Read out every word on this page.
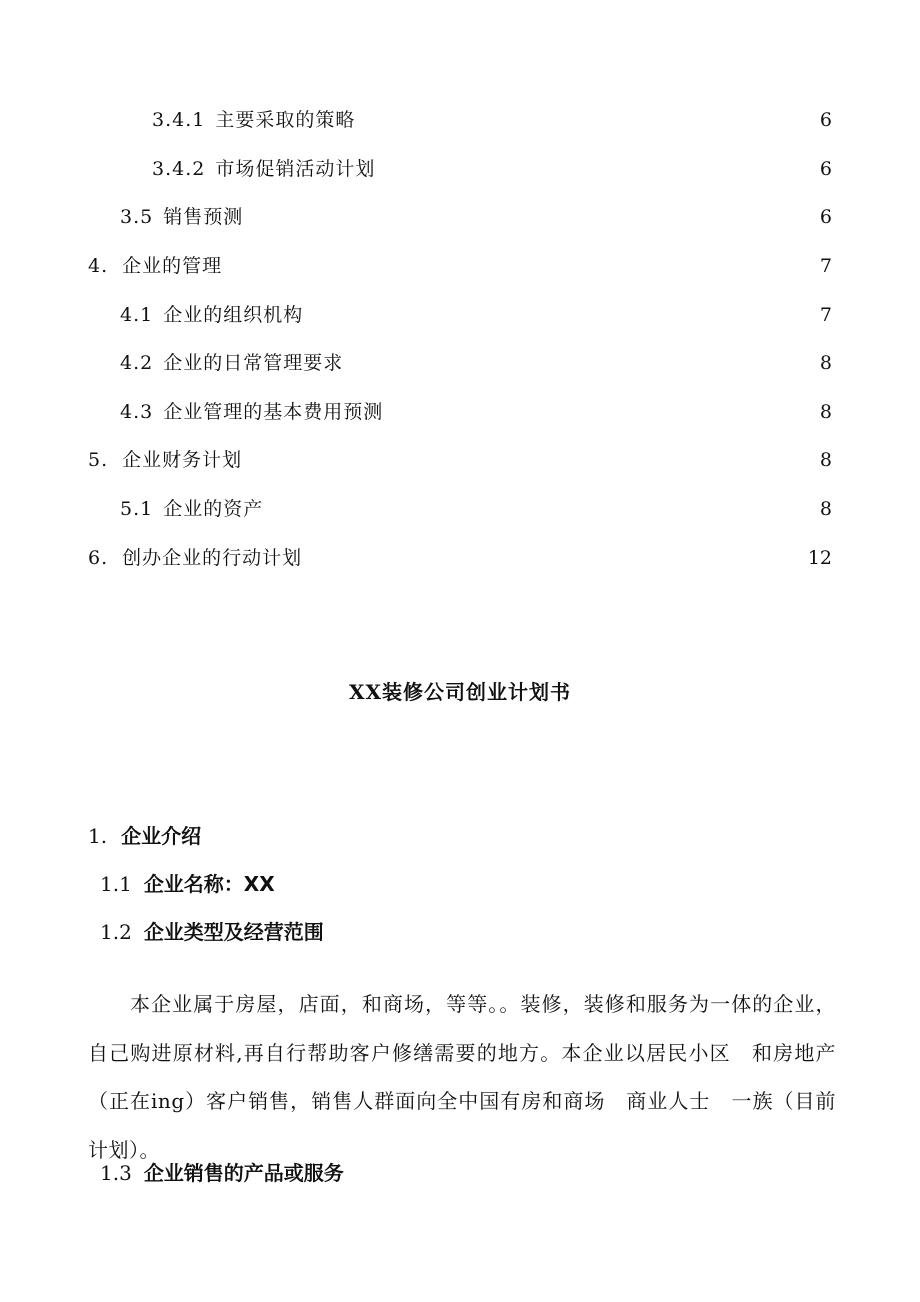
3.4.1 主要采取的策略	6
3.4.2 市场促销活动计划	6
3.5 销售预测	6
4. 企业的管理	7
4.1 企业的组织机构	7
4.2 企业的日常管理要求	8
4.3 企业管理的基本费用预测	8
5. 企业财务计划	8
5.1 企业的资产	8
6. 创办企业的行动计划	12
XX装修公司创业计划书
1. 企业介绍
1.1 企业名称：XX
1.2 企业类型及经营范围

本企业属于房屋，店面，和商场，等等。。装修，装修和服务为一体的企业，自己购进原材料,再自行帮助客户修缮需要的地方。本企业以居民小区　和房地产（正在ing）客户销售，销售人群面向全中国有房和商场　商业人士　一族（目前计划）。

1.3 企业销售的产品或服务
